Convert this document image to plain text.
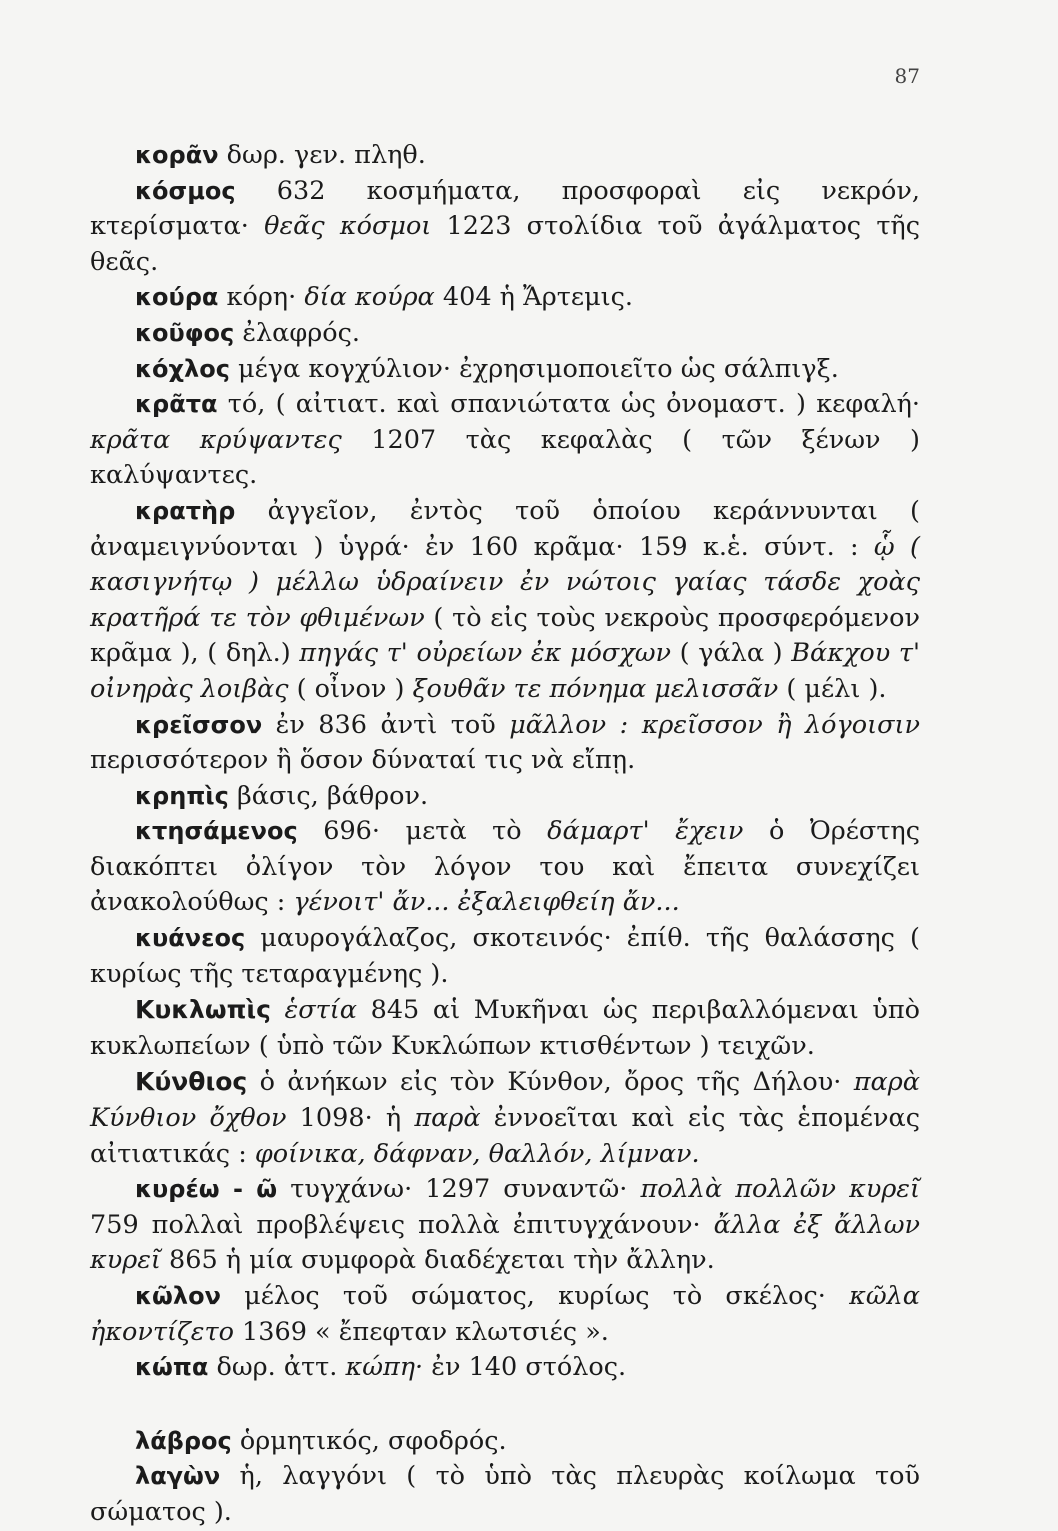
87

κορᾶν δωρ. γεν. πληθ.

κόσμος 632 κοσμήματα, προσφοραὶ εἰς νεκρόν, κτερίσματα· θεᾶς κόσμοι 1223 στολίδια τοῦ ἀγάλματος τῆς θεᾶς.

κούρα κόρη· δία κούρα 404 ἡ Ἄρτεμις.

κοῦφος ἐλαφρός.

κόχλος μέγα κογχύλιον· ἐχρησιμοποιεῖτο ὡς σάλπιγξ.

κρᾶτα τό, ( αἰτιατ. καὶ σπανιώτατα ὡς ὀνομαστ. ) κεφαλή· κρᾶτα κρύψαντες 1207 τὰς κεφαλὰς ( τῶν ξένων ) καλύψαντες.

κρατὴρ ἀγγεῖον, ἐντὸς τοῦ ὁποίου κεράννυνται ( ἀναμειγνύονται ) ὑγρά· ἐν 160 κρᾶμα· 159 κ.ἑ. σύντ. : ᾧ ( κασιγνήτῳ ) μέλλω ὑδραίνειν ἐν νώτοις γαίας τάσδε χοὰς κρατῆρά τε τὸν φθιμένων ( τὸ εἰς τοὺς νεκροὺς προσφερόμενον κρᾶμα ), ( δηλ.) πηγάς τ' οὐρείων ἐκ μόσχων ( γάλα ) Βάκχου τ' οἰνηρὰς λοιβὰς ( οἶνον ) ξουθᾶν τε πόνημα μελισσᾶν ( μέλι ).

κρεῖσσον ἐν 836 ἀντὶ τοῦ μᾶλλον : κρεῖσσον ἢ λόγοισιν περισσότερον ἢ ὅσον δύναταί τις νὰ εἴπῃ.

κρηπὶς βάσις, βάθρον.

κτησάμενος 696· μετὰ τὸ δάμαρτ' ἔχειν ὁ Ὀρέστης διακόπτει ὀλίγον τὸν λόγον του καὶ ἔπειτα συνεχίζει ἀνακολούθως : γένοιτ' ἄν... ἐξαλειφθείη ἄν...

κυάνεος μαυρογάλαζος, σκοτεινός· ἐπίθ. τῆς θαλάσσης ( κυρίως τῆς τεταραγμένης ).

Κυκλωπὶς ἑστία 845 αἱ Μυκῆναι ὡς περιβαλλόμεναι ὑπὸ κυκλωπείων ( ὑπὸ τῶν Κυκλώπων κτισθέντων ) τειχῶν.

Κύνθιος ὁ ἀνήκων εἰς τὸν Κύνθον, ὄρος τῆς Δήλου· παρὰ Κύνθιον ὄχθον 1098· ἡ παρὰ ἐννοεῖται καὶ εἰς τὰς ἑπομένας αἰτιατικάς : φοίνικα, δάφναν, θαλλόν, λίμναν.

κυρέω - ῶ τυγχάνω· 1297 συναντῶ· πολλὰ πολλῶν κυρεῖ 759 πολλαὶ προβλέψεις πολλὰ ἐπιτυγχάνουν· ἄλλα ἐξ ἄλλων κυρεῖ 865 ἡ μία συμφορὰ διαδέχεται τὴν ἄλλην.

κῶλον μέλος τοῦ σώματος, κυρίως τὸ σκέλος· κῶλα ἠκοντίζετο 1369 « ἔπεφταν κλωτσιές ».

κώπα δωρ. ἀττ. κώπη· ἐν 140 στόλος.

λάβρος ὁρμητικός, σφοδρός.

λαγὼν ἡ, λαγγόνι ( τὸ ὑπὸ τὰς πλευρὰς κοίλωμα τοῦ σώματος ).
